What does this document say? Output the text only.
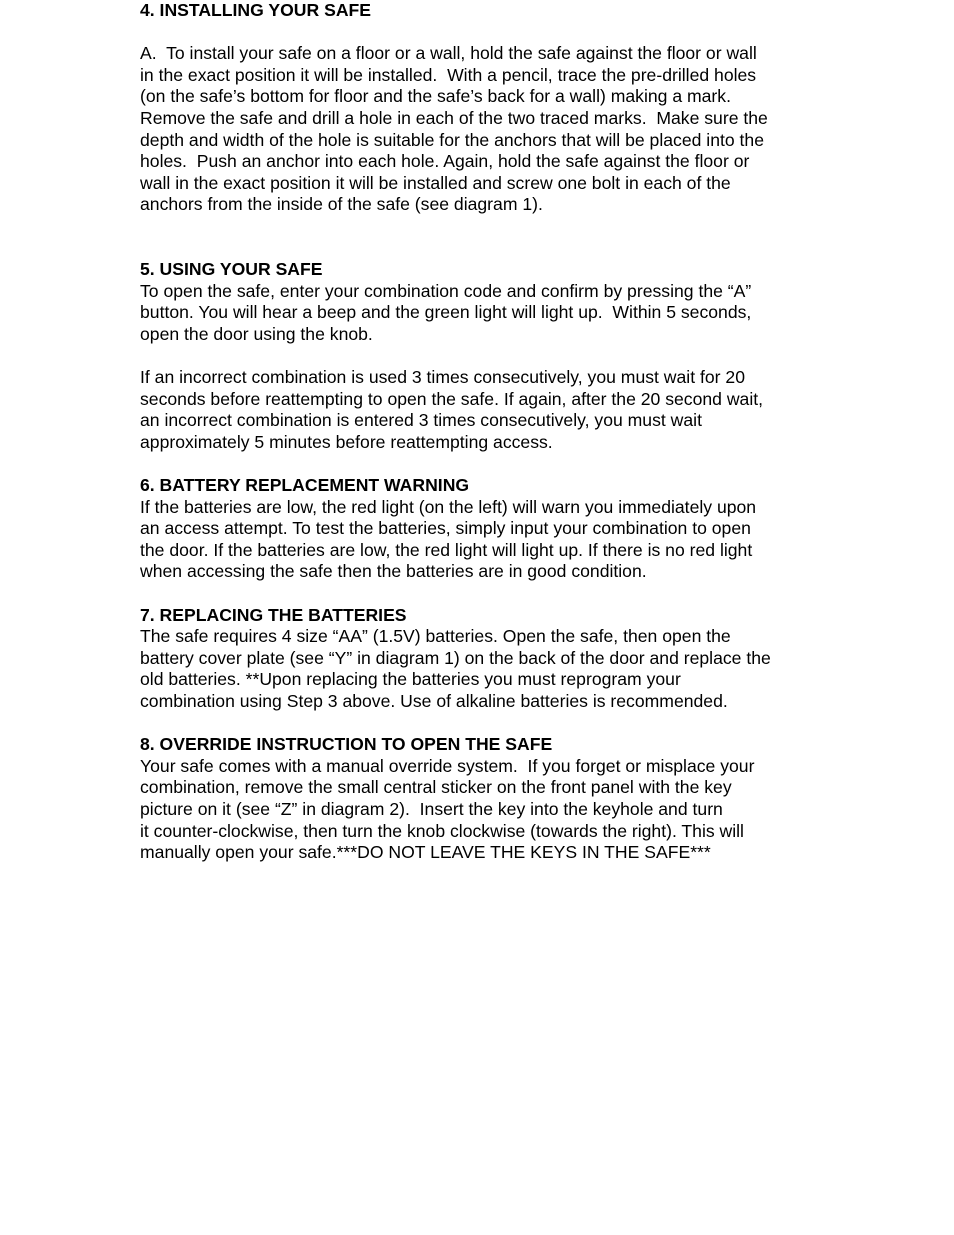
4. INSTALLING YOUR SAFE
A.  To install your safe on a floor or a wall, hold the safe against the floor or wall
in the exact position it will be installed.  With a pencil, trace the pre-drilled holes
(on the safe’s bottom for floor and the safe’s back for a wall) making a mark.
Remove the safe and drill a hole in each of the two traced marks.  Make sure the
depth and width of the hole is suitable for the anchors that will be placed into the
holes.  Push an anchor into each hole. Again, hold the safe against the floor or
wall in the exact position it will be installed and screw one bolt in each of the
anchors from the inside of the safe (see diagram 1).
5. USING YOUR SAFE
To open the safe, enter your combination code and confirm by pressing the “A”
button. You will hear a beep and the green light will light up.  Within 5 seconds,
open the door using the knob.
If an incorrect combination is used 3 times consecutively, you must wait for 20
seconds before reattempting to open the safe. If again, after the 20 second wait,
an incorrect combination is entered 3 times consecutively, you must wait
approximately 5 minutes before reattempting access.
6. BATTERY REPLACEMENT WARNING
If the batteries are low, the red light (on the left) will warn you immediately upon
an access attempt. To test the batteries, simply input your combination to open
the door. If the batteries are low, the red light will light up. If there is no red light
when accessing the safe then the batteries are in good condition.
7. REPLACING THE BATTERIES
The safe requires 4 size “AA” (1.5V) batteries. Open the safe, then open the
battery cover plate (see “Y” in diagram 1) on the back of the door and replace the
old batteries. **Upon replacing the batteries you must reprogram your
combination using Step 3 above. Use of alkaline batteries is recommended.
8. OVERRIDE INSTRUCTION TO OPEN THE SAFE
Your safe comes with a manual override system.  If you forget or misplace your
combination, remove the small central sticker on the front panel with the key
picture on it (see “Z” in diagram 2).  Insert the key into the keyhole and turn
it counter-clockwise, then turn the knob clockwise (towards the right). This will
manually open your safe.***DO NOT LEAVE THE KEYS IN THE SAFE***
